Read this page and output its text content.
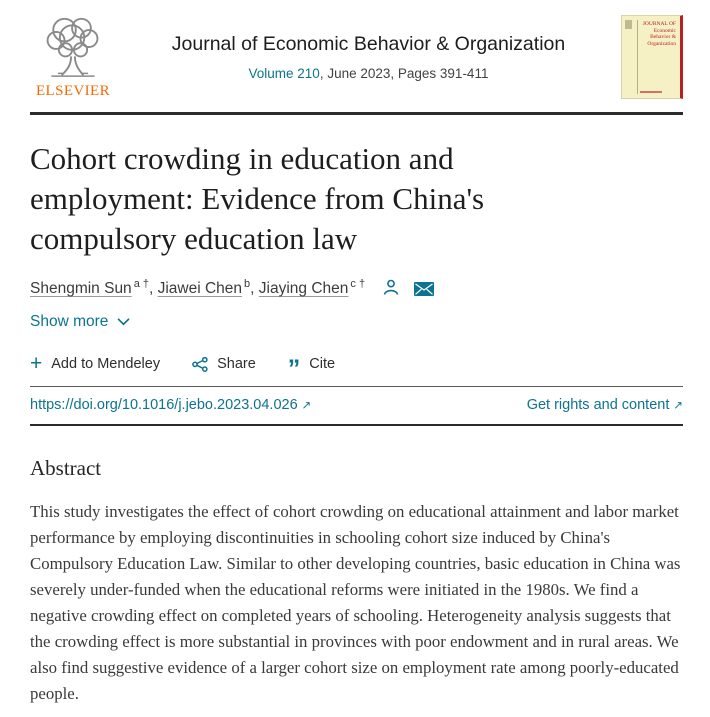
ELSEVIER
Journal of Economic Behavior & Organization
Volume 210, June 2023, Pages 391-411
JOURNAL OF
Economic
Behavior &
Organization
Cohort crowding in education and employment: Evidence from China's compulsory education law
Shengmin Sun $^{a \dagger}$, Jiawei Chen $^b$, Jiaying Chen $^{c \dagger}$
Show more
+ Add to Mendeley	Share ” Cite
https://doi.org/10.1016/j.jebo.2023.04.026 ↗	Get rights and content ↗
Abstract

This study investigates the effect of cohort crowding on educational attainment and labor market performance by employing discontinuities in schooling cohort size induced by China's Compulsory Education Law. Similar to other developing countries, basic education in China was severely under-funded when the educational reforms were initiated in the 1980s. We find a negative crowding effect on completed years of schooling. Heterogeneity analysis suggests that the crowding effect is more substantial in provinces with poor endowment and in rural areas. We also find suggestive evidence of a larger cohort size on employment rate among poorly-educated people.
